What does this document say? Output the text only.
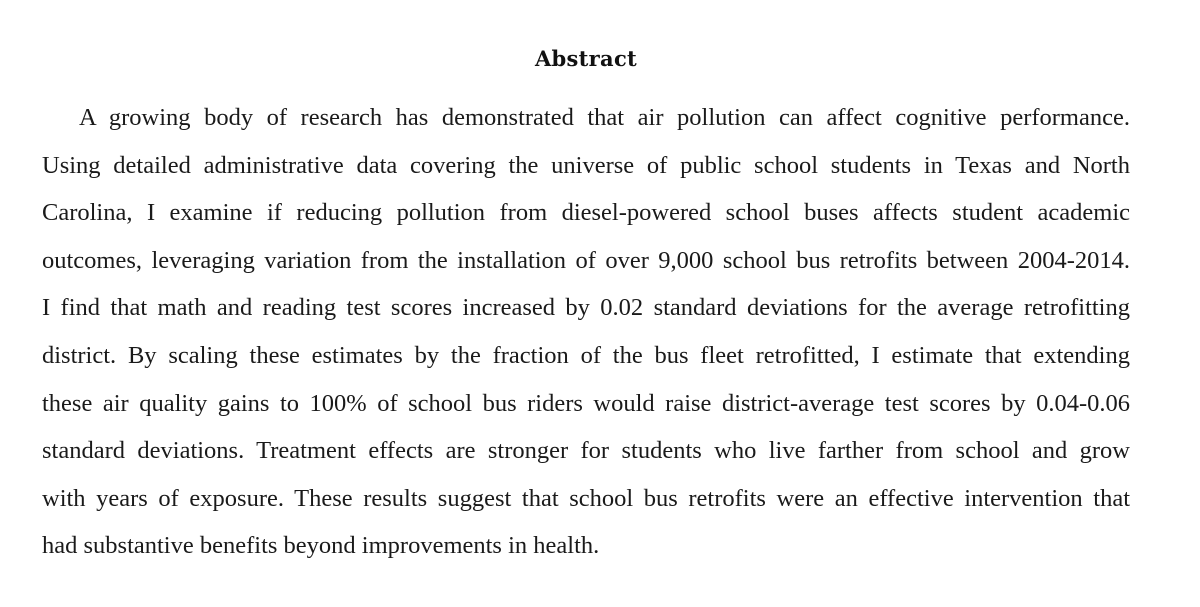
Abstract
A growing body of research has demonstrated that air pollution can affect cognitive performance.
Using detailed administrative data covering the universe of public school students in Texas and North
Carolina, I examine if reducing pollution from diesel-powered school buses affects student academic
outcomes, leveraging variation from the installation of over 9,000 school bus retrofits between 2004-2014.
I find that math and reading test scores increased by 0.02 standard deviations for the average retrofitting
district. By scaling these estimates by the fraction of the bus fleet retrofitted, I estimate that extending
these air quality gains to 100% of school bus riders would raise district-average test scores by 0.04-0.06
standard deviations. Treatment effects are stronger for students who live farther from school and grow
with years of exposure. These results suggest that school bus retrofits were an effective intervention that
had substantive benefits beyond improvements in health.
